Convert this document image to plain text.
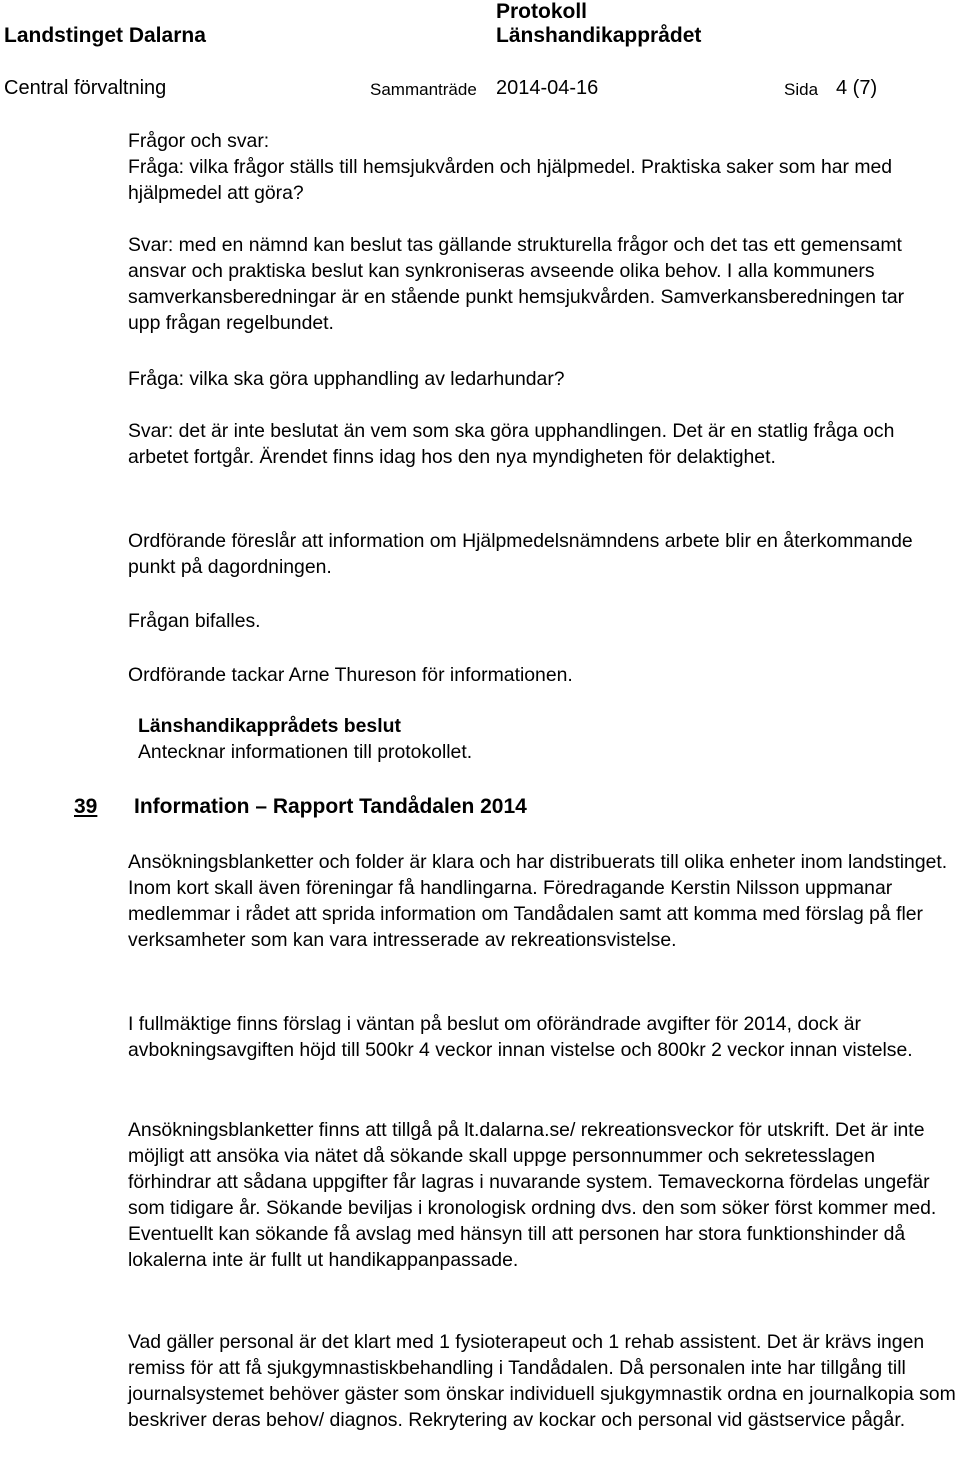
Landstinget Dalarna
Protokoll
Länshandikapprådet
Central förvaltning	Sammanträde 2014-04-16	Sida 4 (7)

Frågor och svar:

Fråga: vilka frågor ställs till hemsjukvården och hjälpmedel. Praktiska saker som har med hjälpmedel att göra?

Svar: med en nämnd kan beslut tas gällande strukturella frågor och det tas ett gemensamt ansvar och praktiska beslut kan synkroniseras avseende olika behov. I alla kommuners samverkansberedningar är en stående punkt hemsjukvården. Samverkansberedningen tar upp frågan regelbundet.
Fråga: vilka ska göra upphandling av ledarhundar?
Svar: det är inte beslutat än vem som ska göra upphandlingen. Det är en statlig fråga och arbetet fortgår. Ärendet finns idag hos den nya myndigheten för delaktighet.
Ordförande föreslår att information om Hjälpmedelsnämndens arbete blir en återkommande punkt på dagordningen.
Frågan bifalles.
Ordförande tackar Arne Thureson för informationen.
Länshandikapprådets beslut
Antecknar informationen till protokollet.
39 Information – Rapport Tandådalen 2014
Ansökningsblanketter och folder är klara och har distribuerats till olika enheter inom landstinget. Inom kort skall även föreningar få handlingarna. Föredragande Kerstin Nilsson uppmanar medlemmar i rådet att sprida information om Tandådalen samt att komma med förslag på fler verksamheter som kan vara intresserade av rekreationsvistelse.
I fullmäktige finns förslag i väntan på beslut om oförändrade avgifter för 2014, dock är avbokningsavgiften höjd till 500kr 4 veckor innan vistelse och 800kr 2 veckor innan vistelse.
Ansökningsblanketter finns att tillgå på lt.dalarna.se/ rekreationsveckor för utskrift. Det är inte möjligt att ansöka via nätet då sökande skall uppge personnummer och sekretesslagen förhindrar att sådana uppgifter får lagras i nuvarande system. Temaveckorna fördelas ungefär som tidigare år. Sökande beviljas i kronologisk ordning dvs. den som söker först kommer med. Eventuellt kan sökande få avslag med hänsyn till att personen har stora funktionshinder då lokalerna inte är fullt ut handikappanpassade.
Vad gäller personal är det klart med 1 fysioterapeut och 1 rehab assistent. Det är krävs ingen remiss för att få sjukgymnastiskbehandling i Tandådalen. Då personalen inte har tillgång till journalsystemet behöver gäster som önskar individuell sjukgymnastik ordna en journalkopia som beskriver deras behov/ diagnos. Rekrytering av kockar och personal vid gästservice pågår.
